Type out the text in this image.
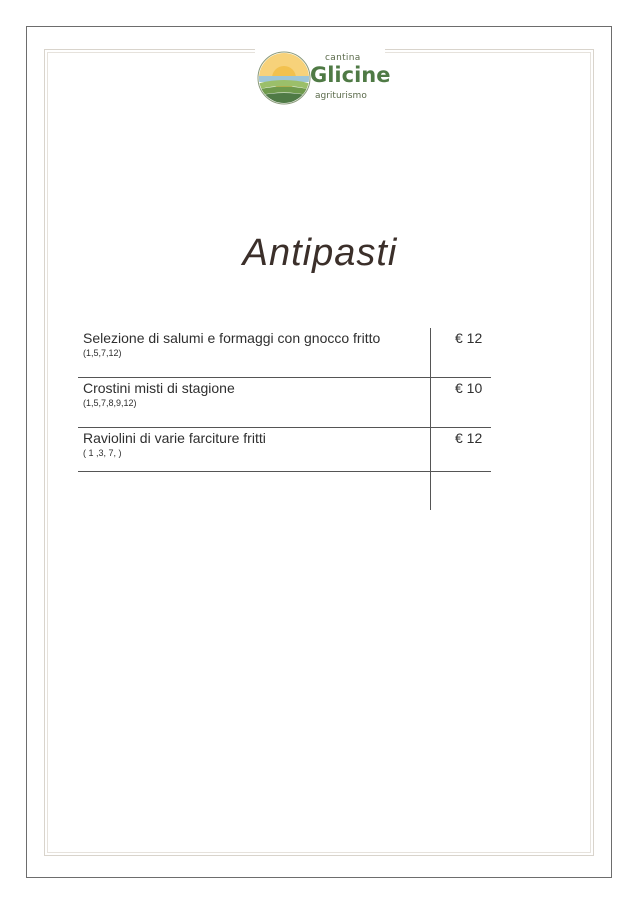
cantina
Glicine
agriturismo
Antipasti
Selezione di salumi e formaggi con gnocco fritto
(1,5,7,12)
€ 12
Crostini misti di stagione
(1,5,7,8,9,12)
€ 10
Raviolini di varie farciture fritti
( 1 ,3, 7, )
€ 12
